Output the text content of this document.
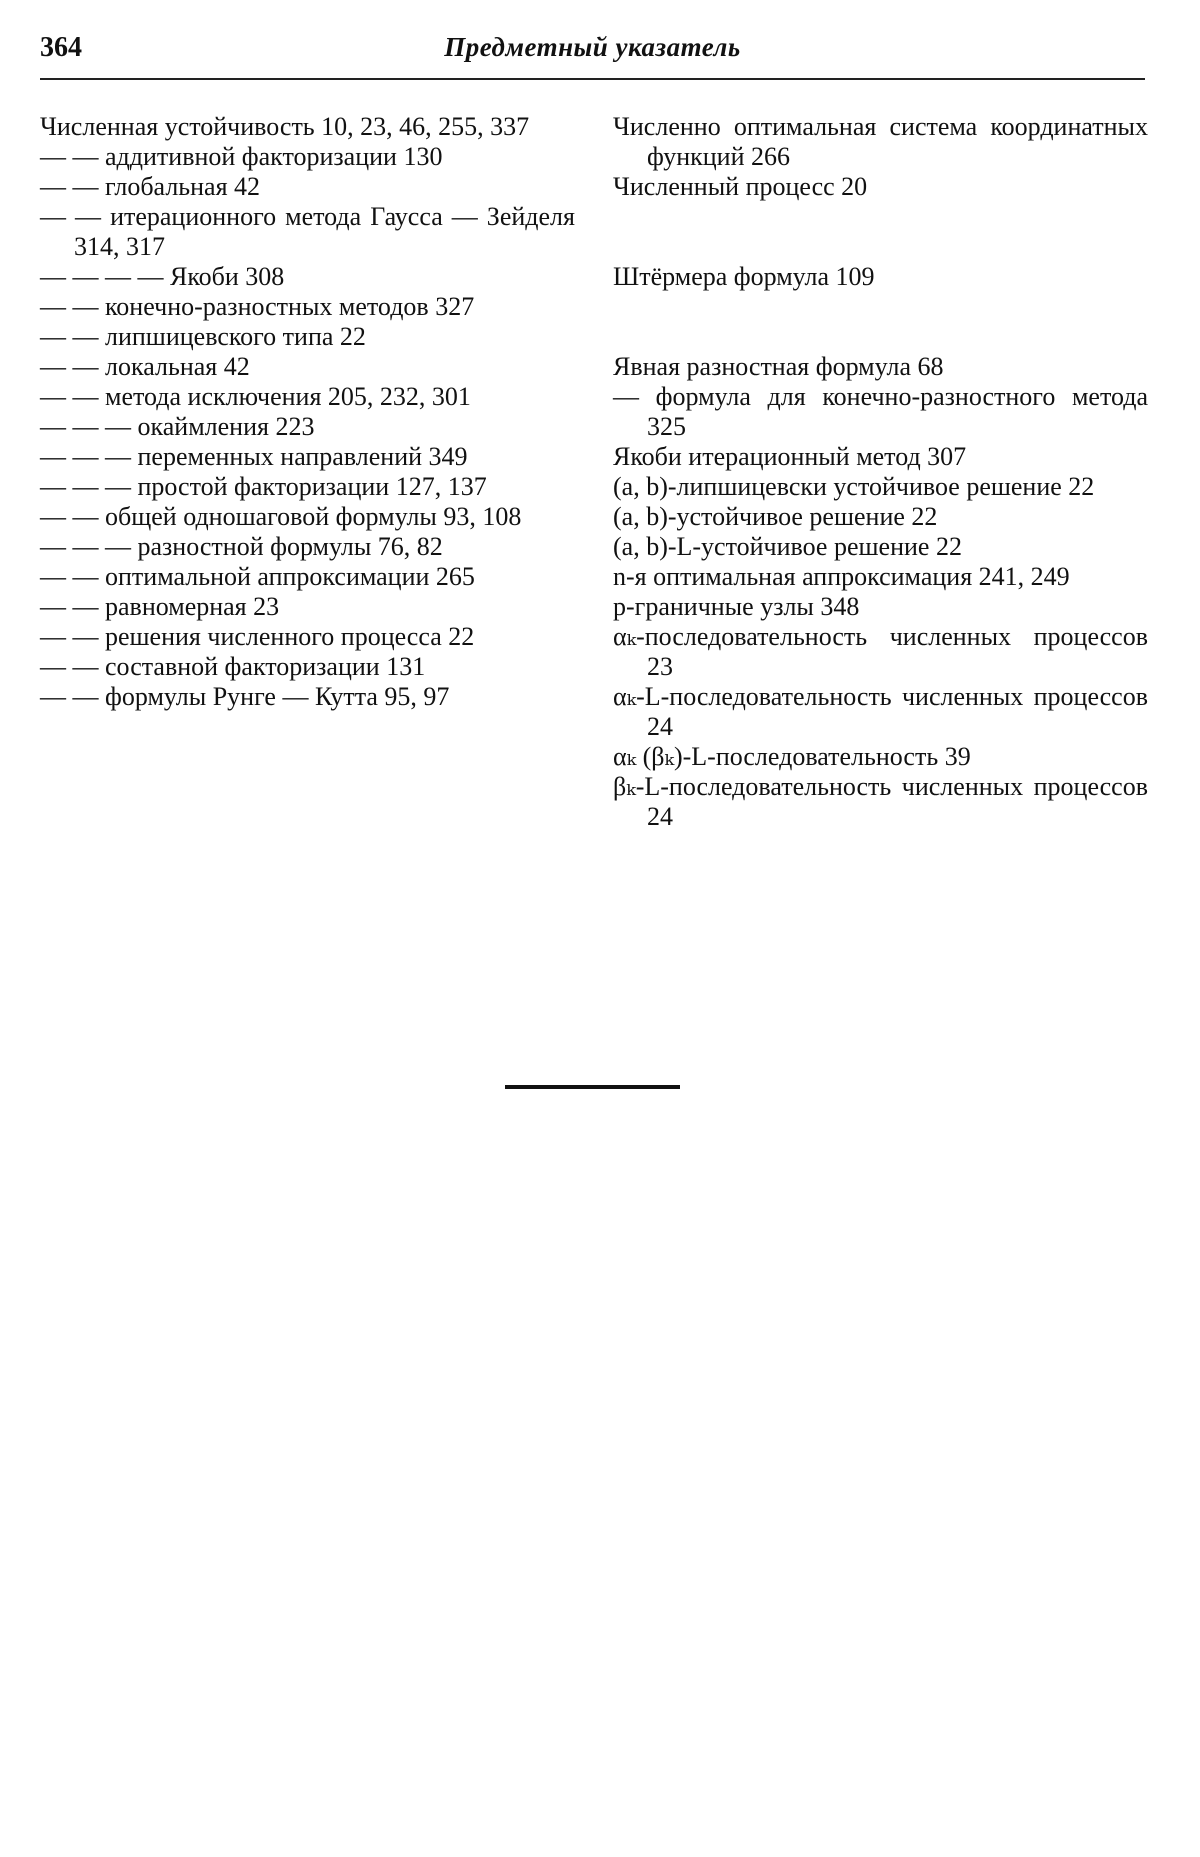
364	Предметный указатель
Численная устойчивость 10, 23, 46, 255, 337
— — аддитивной факторизации 130
— — глобальная 42
— — итерационного метода Гаусса — Зейделя 314, 317
— — — — Якоби 308
— — конечно-разностных методов 327
— — липшицевского типа 22
— — локальная 42
— — метода исключения 205, 232, 301
— — — окаймления 223
— — — переменных направлений 349
— — — простой факторизации 127, 137
— — общей одношаговой формулы 93, 108
— — — разностной формулы 76, 82
— — оптимальной аппроксимации 265
— — равномерная 23
— — решения численного процесса 22
— — составной факторизации 131
— — формулы Рунге — Кутта 95, 97
Численно оптимальная система координатных функций 266
Численный процесс 20
Штёрмера формула 109
Явная разностная формула 68
— формула для конечно-разностного метода 325
Якоби итерационный метод 307
(a, b)-липшицевски устойчивое решение 22
(a, b)-устойчивое решение 22
(a, b)-L-устойчивое решение 22
n-я оптимальная аппроксимация 241, 249
p-граничные узлы 348
αₖ-последовательность численных процессов 23
αₖ-L-последовательность численных процессов 24
αₖ (βₖ)-L-последовательность 39
βₖ-L-последовательность численных процессов 24
